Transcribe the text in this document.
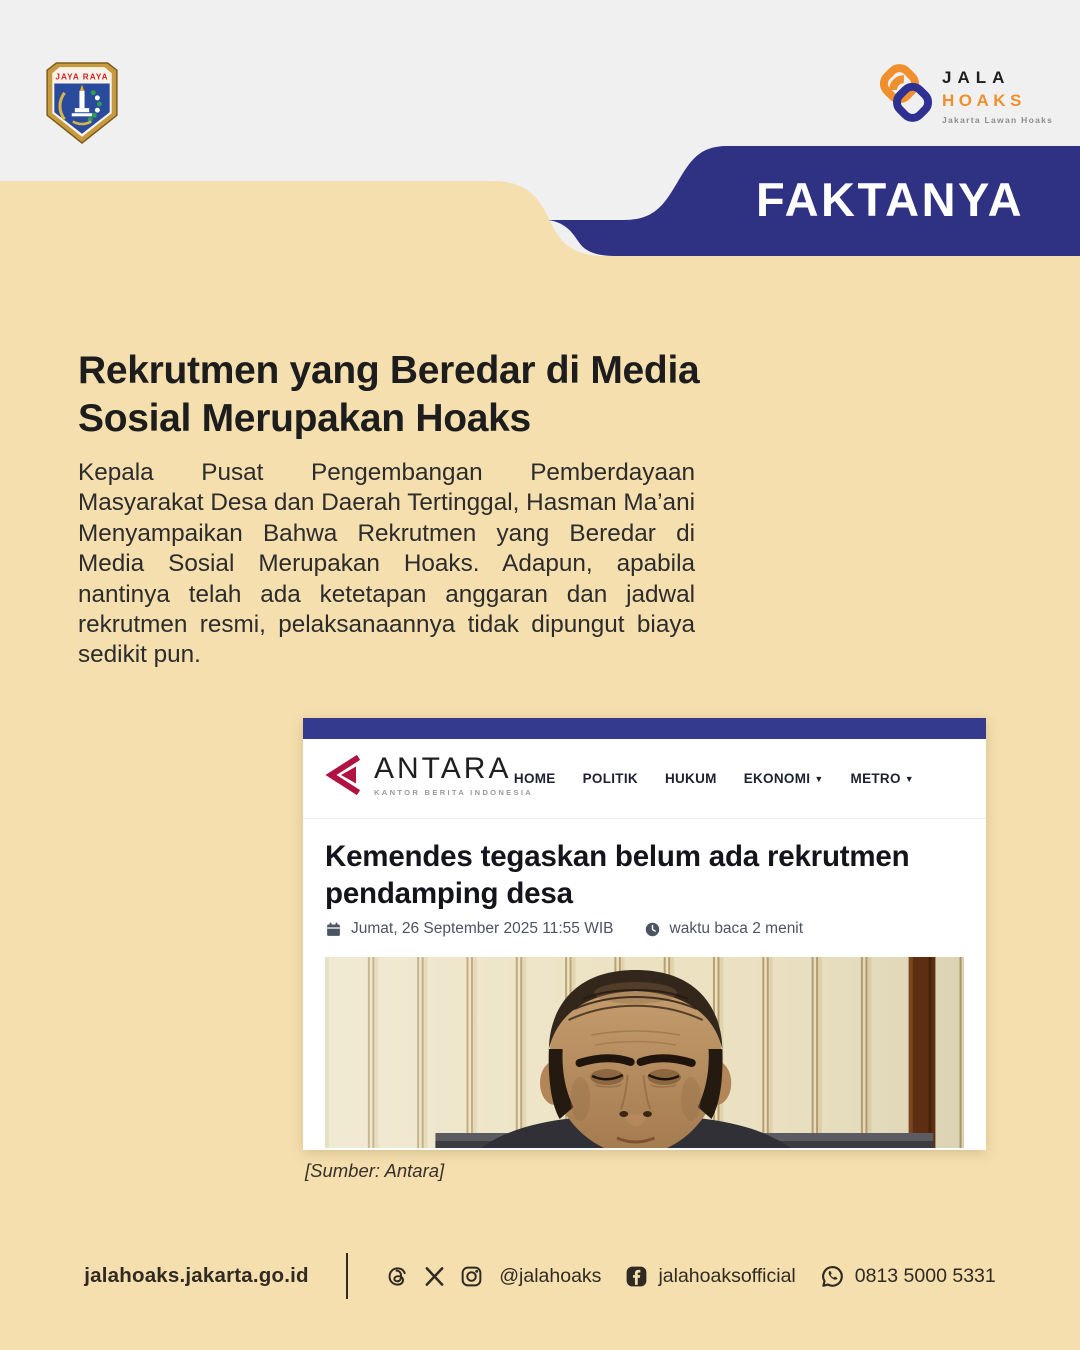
JAYA RAYA	JALA
HOAKS
Jakarta Lawan Hoaks
FAKTANYA
Rekrutmen yang Beredar di Media Sosial Merupakan Hoaks
Kepala Pusat Pengembangan Pemberdayaan Masyarakat Desa dan Daerah Tertinggal, Hasman Ma’ani Menyampaikan Bahwa Rekrutmen yang Beredar di Media Sosial Merupakan Hoaks. Adapun, apabila nantinya telah ada ketetapan anggaran dan jadwal rekrutmen resmi, pelaksanaannya tidak dipungut biaya sedikit pun.
ANTARA
KANTOR BERITA INDONESIA
HOME POLITIK HUKUM EKONOMI ▼ METRO ▼
Kemendes tegaskan belum ada rekrutmen pendamping desa
Jumat, 26 September 2025 11:55 WIB	waktu baca 2 menit
[Sumber: Antara]
jalahoaks.jakarta.go.id	@jalahoaks	jalahoaksofficial	0813 5000 5331
